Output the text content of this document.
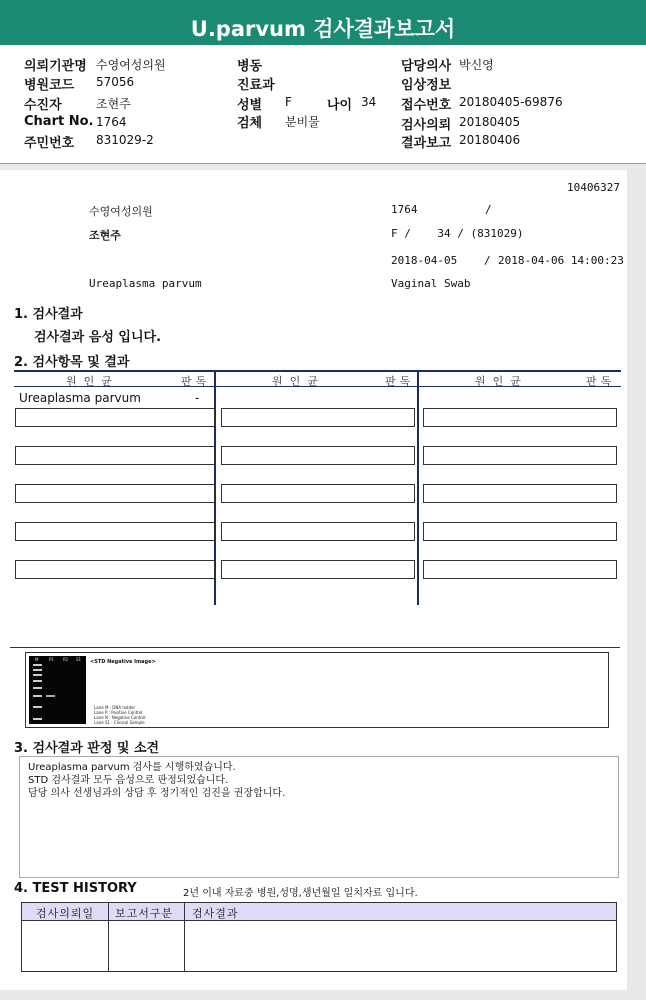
U.parvum 검사결과보고서
의뢰기관명 수영여성의원
병원코드 57056
수진자	조현주
Chart No. 1764
주민번호 831029-2
병동
진료과
성별 F	나이 34
검체 분비물
담당의사 박신영
임상정보
접수번호 20180405-69876
검사의뢰 20180405
결과보고 20180406
10406327
수영여성의원	1764	/
조현주	F /    34 / (831029)
2018-04-05 / 2018-04-06 14:00:23
Ureaplasma parvum	Vaginal Swab
1. 검사결과
검사결과 음성 입니다.
2. 검사항목 및 결과
원인균	판독	원인균	판독	원인균	판독
Ureaplasma parvum	-
M	P1 P2 S1 <STD Negative Image>
Lane M : DNA ladder
Lane P : Positive Control
Lane N : Negative Control
Lane S1 : Clinical Sample
3. 검사결과 판정 및 소견
Ureaplasma parvum 검사를 시행하였습니다.
STD 검사결과 모두 음성으로 판정되었습니다.
담당 의사 선생님과의 상담 후 정기적인 검진을 권장합니다.
4. TEST HISTORY	2년 이내 자료중 병원,성명,생년월일 일치자료 입니다.
검사의뢰일 보고서구분 검사결과
